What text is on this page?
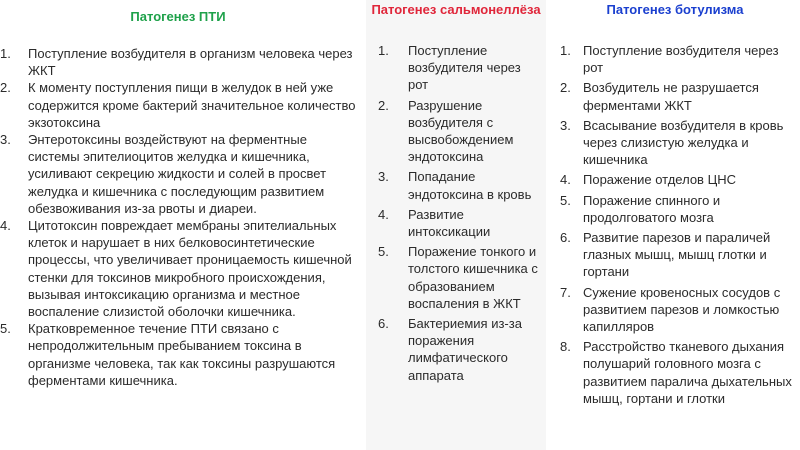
Патогенез ПТИ
1. Поступление возбудителя в организм человека через ЖКТ
2. К моменту поступления пищи в желудок в ней уже содержится кроме бактерий значительное количество экзотоксина
3. Энтеротоксины воздействуют на ферментные системы эпителиоцитов желудка и кишечника, усиливают секрецию жидкости и солей в просвет желудка и кишечника с последующим развитием обезвоживания из-за рвоты и диареи.
4. Цитотоксин повреждает мембраны эпителиальных клеток и нарушает в них белковосинтетические процессы, что увеличивает проницаемость кишечной стенки для токсинов микробного происхождения, вызывая интоксикацию организма и местное воспаление слизистой оболочки кишечника.
5. Кратковременное течение ПТИ связано с непродолжительным пребыванием токсина в организме человека, так как токсины разрушаются ферментами кишечника.
Патогенез сальмонеллёза
1. Поступление возбудителя через рот
2. Разрушение возбудителя с высвобождением эндотоксина
3. Попадание эндотоксина в кровь
4. Развитие интоксикации
5. Поражение тонкого и толстого кишечника с образованием воспаления в ЖКТ
6. Бактериемия из-за поражения лимфатического аппарата
Патогенез ботулизма
1. Поступление возбудителя через рот
2. Возбудитель не разрушается ферментами ЖКТ
3. Всасывание возбудителя в кровь через слизистую желудка и кишечника
4. Поражение отделов ЦНС
5. Поражение спинного и продолговатого мозга
6. Развитие парезов и параличей глазных мышц, мышц глотки и гортани
7. Сужение кровеносных сосудов с развитием парезов и ломкостью капилляров
8. Расстройство тканевого дыхания полушарий головного мозга с развитием паралича дыхательных мышц, гортани и глотки
